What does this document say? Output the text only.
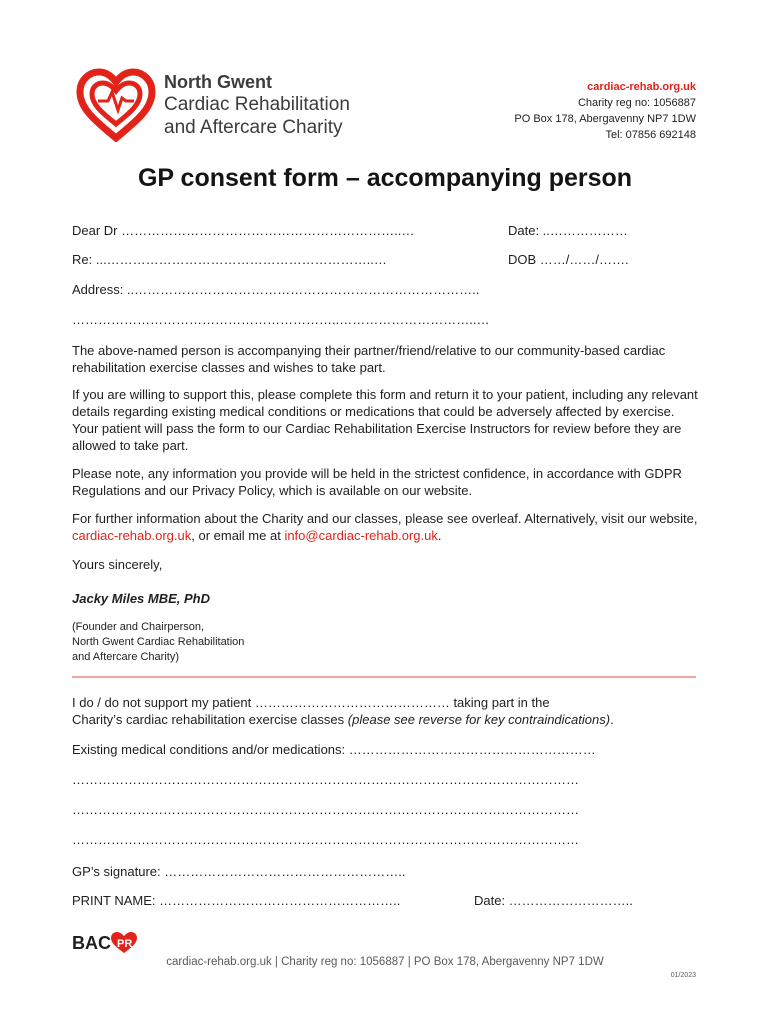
North Gwent
Cardiac Rehabilitation
and Aftercare Charity
cardiac-rehab.org.uk
Charity reg no: 1056887
PO Box 178, Abergavenny NP7 1DW
Tel: 07856 692148
GP consent form – accompanying person
Dear Dr ………………………………………………………..…	Date: ..………………
Re: ...……………………………………………………..…	DOB ……/……/…….
Address: ..……………………………………………………………………..
……………………………………………………..…………………………..…

The above-named person is accompanying their partner/friend/relative to our community-based cardiac rehabilitation exercise classes and wishes to take part.

If you are willing to support this, please complete this form and return it to your patient, including any relevant details regarding existing medical conditions or medications that could be adversely affected by exercise. Your patient will pass the form to our Cardiac Rehabilitation Exercise Instructors for review before they are allowed to take part.

Please note, any information you provide will be held in the strictest confidence, in accordance with GDPR Regulations and our Privacy Policy, which is available on our website.

For further information about the Charity and our classes, please see overleaf. Alternatively, visit our website, cardiac-rehab.org.uk, or email me at info@cardiac-rehab.org.uk.

Yours sincerely,

Jacky Miles MBE, PhD

(Founder and Chairperson,
North Gwent Cardiac Rehabilitation
and Aftercare Charity)
I do / do not support my patient ……………………………………… taking part in the
Charity’s cardiac rehabilitation exercise classes (please see reverse for key contraindications).
Existing medical conditions and/or medications: …………………………………………………
………………………………………………………………………………………………………
………………………………………………………………………………………………………
………………………………………………………………………………………………………
GP’s signature: ………………………………………………..
PRINT NAME: ………………………………………………..	Date: ………………………..
BAC PR
cardiac-rehab.org.uk | Charity reg no: 1056887 | PO Box 178, Abergavenny NP7 1DW
01/2023
